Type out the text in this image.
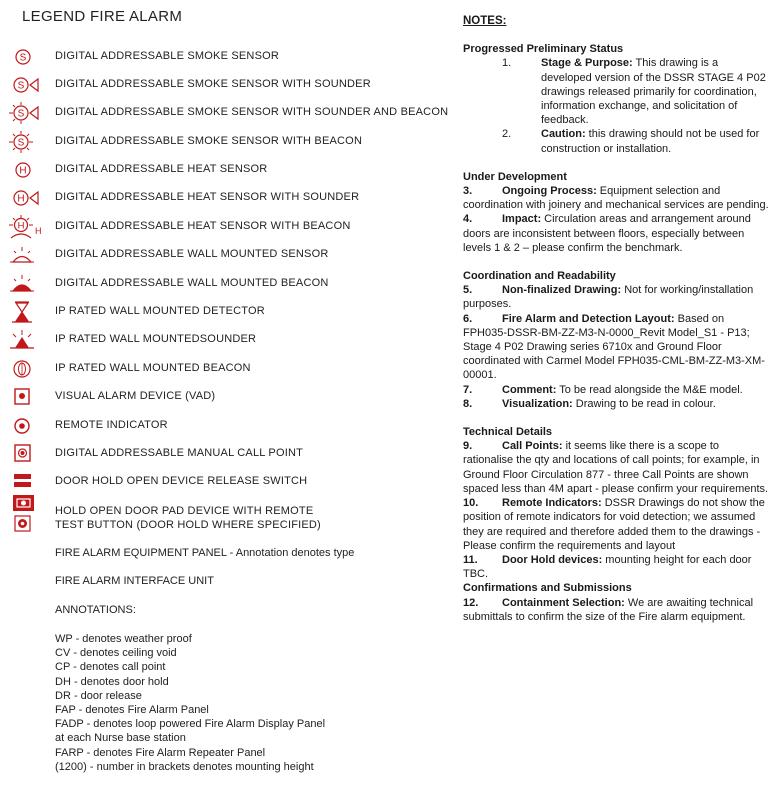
LEGEND FIRE ALARM
S	DIGITAL ADDRESSABLE SMOKE SENSOR
S	DIGITAL ADDRESSABLE SMOKE SENSOR WITH SOUNDER
S	DIGITAL ADDRESSABLE SMOKE SENSOR WITH SOUNDER AND BEACON
S	DIGITAL ADDRESSABLE SMOKE SENSOR WITH BEACON
H	DIGITAL ADDRESSABLE HEAT SENSOR
H	DIGITAL ADDRESSABLE HEAT SENSOR WITH SOUNDER
H H DIGITAL ADDRESSABLE HEAT SENSOR WITH BEACON
DIGITAL ADDRESSABLE WALL MOUNTED SENSOR
DIGITAL ADDRESSABLE WALL MOUNTED BEACON
IP RATED WALL MOUNTED DETECTOR
IP RATED WALL MOUNTEDSOUNDER
IP RATED WALL MOUNTED BEACON
VISUAL ALARM DEVICE (VAD)
REMOTE INDICATOR
DIGITAL ADDRESSABLE MANUAL CALL POINT
DOOR HOLD OPEN DEVICE RELEASE SWITCH
HOLD OPEN DOOR PAD DEVICE WITH REMOTE
TEST BUTTON (DOOR HOLD WHERE SPECIFIED)
FIRE ALARM EQUIPMENT PANEL - Annotation denotes type
FIRE ALARM INTERFACE UNIT
ANNOTATIONS:
WP - denotes weather proof
CV - denotes ceiling void
CP - denotes call point
DH - denotes door hold
DR - door release
FAP - denotes Fire Alarm Panel
FADP - denotes loop powered Fire Alarm Display Panel
at each Nurse base station
FARP - denotes Fire Alarm Repeater Panel
(1200) - number in brackets denotes mounting height
NOTES:
Progressed Preliminary Status
1.	Stage & Purpose: This drawing is a developed version of the DSSR STAGE 4 P02 drawings released primarily for coordination, information exchange, and solicitation of feedback.
2.	Caution: this drawing should not be used for construction or installation.
Under Development

3.	Ongoing Process: Equipment selection and coordination with joinery and mechanical services are pending.

4.	Impact: Circulation areas and arrangement around doors are inconsistent between floors, especially between levels 1 & 2 – please confirm the benchmark.

Coordination and Readability

5.	Non-finalized Drawing: Not for working/installation purposes.

6.	Fire Alarm and Detection Layout: Based on FPH035-DSSR-BM-ZZ-M3-N-0000_Revit Model_S1 - P13; Stage 4 P02 Drawing series 6710x and Ground Floor coordinated with Carmel Model FPH035-CML-BM-ZZ-M3-XM-00001.

7.	Comment: To be read alongside the M&E model.

8.	Visualization: Drawing to be read in colour.

Technical Details

9.	Call Points: it seems like there is a scope to rationalise the qty and locations of call points; for example, in Ground Floor Circulation 877 - three Call Points are shown spaced less than 4M apart - please confirm your requirements.

10. Remote Indicators: DSSR Drawings do not show the position of remote indicators for void detection; we assumed they are required and therefore added them to the drawings - Please confirm the requirements and layout

11. Door Hold devices: mounting height for each door TBC.

Confirmations and Submissions

12. Containment Selection: We are awaiting technical submittals to confirm the size of the Fire alarm equipment.
